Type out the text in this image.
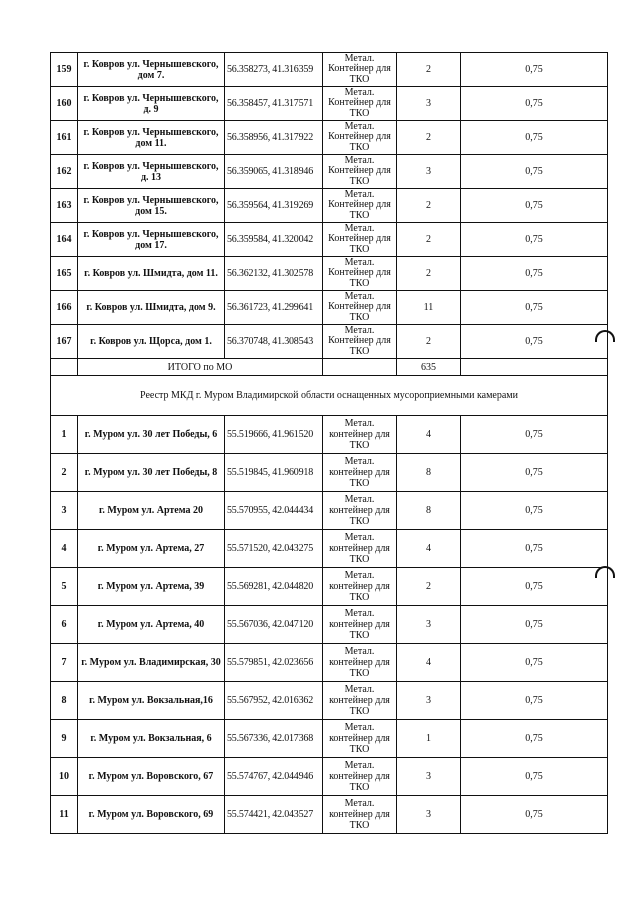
159	г. Ковров ул. Чернышевского, дом 7.	56.358273, 41.316359	Метал. Контейнер для ТКО	2	0,75
160	г. Ковров ул. Чернышевского, д. 9	56.358457, 41.317571	Метал. Контейнер для ТКО	3	0,75
161	г. Ковров ул. Чернышевского, дом 11.	56.358956, 41.317922	Метал. Контейнер для ТКО	2	0,75
162	г. Ковров ул. Чернышевского, д. 13	56.359065, 41.318946	Метал. Контейнер для ТКО	3	0,75
163	г. Ковров ул. Чернышевского, дом 15.	56.359564, 41.319269	Метал. Контейнер для ТКО	2	0,75
164	г. Ковров ул. Чернышевского, дом 17.	56.359584, 41.320042	Метал. Контейнер для ТКО	2	0,75
165	г. Ковров ул. Шмидта, дом 11.	56.362132, 41.302578	Метал. Контейнер для ТКО	2	0,75
166	г. Ковров ул. Шмидта, дом 9.	56.361723, 41.299641	Метал. Контейнер для ТКО	11	0,75
167	г. Ковров ул. Щорса, дом 1.	56.370748, 41.308543	Метал. Контейнер для ТКО	2	0,75
	ИТОГО по МО			635	
Реестр МКД г. Муром Владимирской области оснащенных мусороприемными камерами					
1	г. Муром ул. 30 лет Победы, 6	55.519666, 41.961520	Метал. контейнер для ТКО	4	0,75
2	г. Муром ул. 30 лет Победы, 8	55.519845, 41.960918	Метал. контейнер для ТКО	8	0,75
3	г. Муром ул. Артема 20	55.570955, 42.044434	Метал. контейнер для ТКО	8	0,75
4	г. Муром ул. Артема, 27	55.571520, 42.043275	Метал. контейнер для ТКО	4	0,75
5	г. Муром ул. Артема, 39	55.569281, 42.044820	Метал. контейнер для ТКО	2	0,75
6	г. Муром ул. Артема, 40	55.567036, 42.047120	Метал. контейнер для ТКО	3	0,75
7	г. Муром ул. Владимирская, 30	55.579851, 42.023656	Метал. контейнер для ТКО	4	0,75
8	г. Муром ул. Вокзальная,16	55.567952, 42.016362	Метал. контейнер для ТКО	3	0,75
9	г. Муром ул. Вокзальная, 6	55.567336, 42.017368	Метал. контейнер для ТКО	1	0,75
10	г. Муром ул. Воровского, 67	55.574767, 42.044946	Метал. контейнер для ТКО	3	0,75
11	г. Муром ул. Воровского, 69	55.574421, 42.043527	Метал. контейнер для ТКО	3	0,75
